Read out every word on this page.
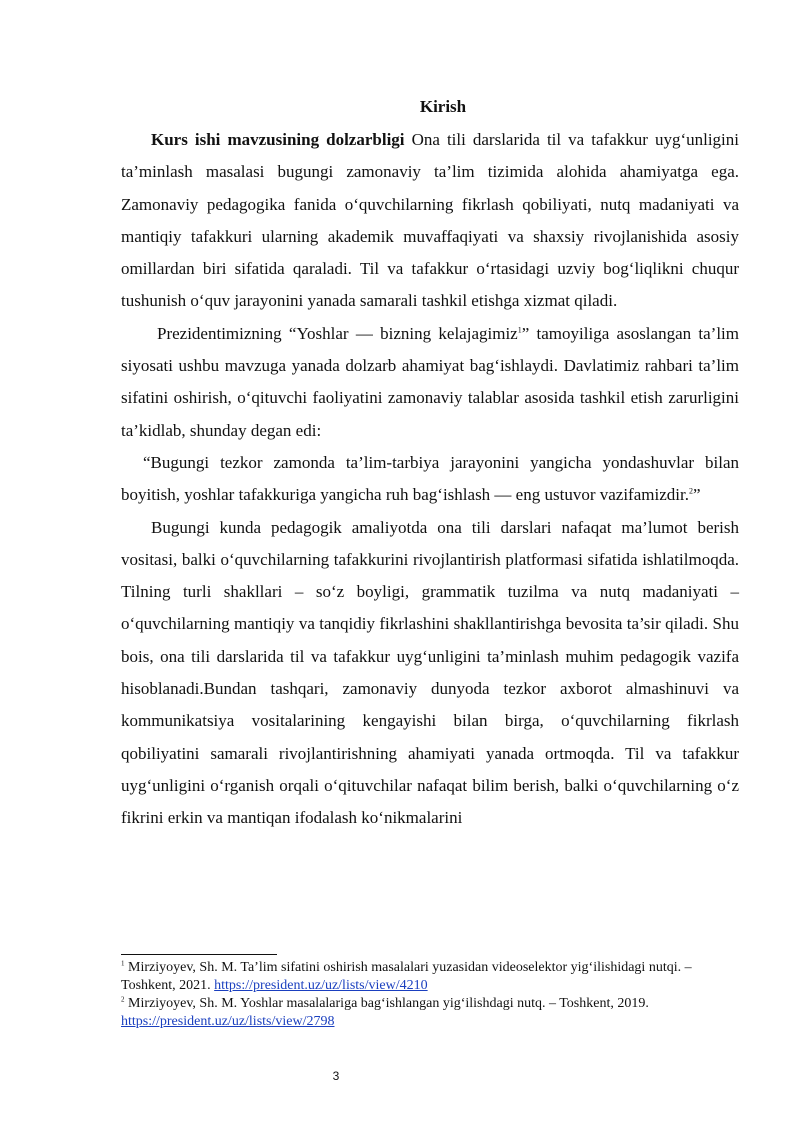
Kirish

Kurs ishi mavzusining dolzarbligi Ona tili darslarida til va tafakkur uyg‘unligini ta’minlash masalasi bugungi zamonaviy ta’lim tizimida alohida ahamiyatga ega. Zamonaviy pedagogika fanida o‘quvchilarning fikrlash qobiliyati, nutq madaniyati va mantiqiy tafakkuri ularning akademik muvaffaqiyati va shaxsiy rivojlanishida asosiy omillardan biri sifatida qaraladi. Til va tafakkur o‘rtasidagi uzviy bog‘liqlikni chuqur tushunish o‘quv jarayonini yanada samarali tashkil etishga xizmat qiladi.

Prezidentimizning “Yoshlar — bizning kelajagimiz$^1$” tamoyiliga asoslangan ta’lim siyosati ushbu mavzuga yanada dolzarb ahamiyat bag‘ishlaydi. Davlatimiz rahbari ta’lim sifatini oshirish, o‘qituvchi faoliyatini zamonaviy talablar asosida tashkil etish zarurligini ta’kidlab, shunday degan edi:

“Bugungi tezkor zamonda ta’lim-tarbiya jarayonini yangicha yondashuvlar bilan boyitish, yoshlar tafakkuriga yangicha ruh bag‘ishlash — eng ustuvor vazifamizdir.$^2$”

Bugungi kunda pedagogik amaliyotda ona tili darslari nafaqat ma’lumot berish vositasi, balki o‘quvchilarning tafakkurini rivojlantirish platformasi sifatida ishlatilmoqda. Tilning turli shakllari – so‘z boyligi, grammatik tuzilma va nutq madaniyati – o‘quvchilarning mantiqiy va tanqidiy fikrlashini shakllantirishga bevosita ta’sir qiladi. Shu bois, ona tili darslarida til va tafakkur uyg‘unligini ta’minlash muhim pedagogik vazifa hisoblanadi.Bundan tashqari, zamonaviy dunyoda tezkor axborot almashinuvi va kommunikatsiya vositalarining kengayishi bilan birga, o‘quvchilarning fikrlash qobiliyatini samarali rivojlantirishning ahamiyati yanada ortmoqda. Til va tafakkur uyg‘unligini o‘rganish orqali o‘qituvchilar nafaqat bilim berish, balki o‘quvchilarning o‘z fikrini erkin va mantiqan ifodalash ko‘nikmalarini

$^1$ Mirziyoyev, Sh. M. Ta’lim sifatini oshirish masalalari yuzasidan videoselektor yig‘ilishidagi nutqi. – Toshkent, 2021. https://president.uz/uz/lists/view/4210

$^2$ Mirziyoyev, Sh. M. Yoshlar masalalariga bag‘ishlangan yig‘ilishdagi nutq. – Toshkent, 2019. https://president.uz/uz/lists/view/2798

3
